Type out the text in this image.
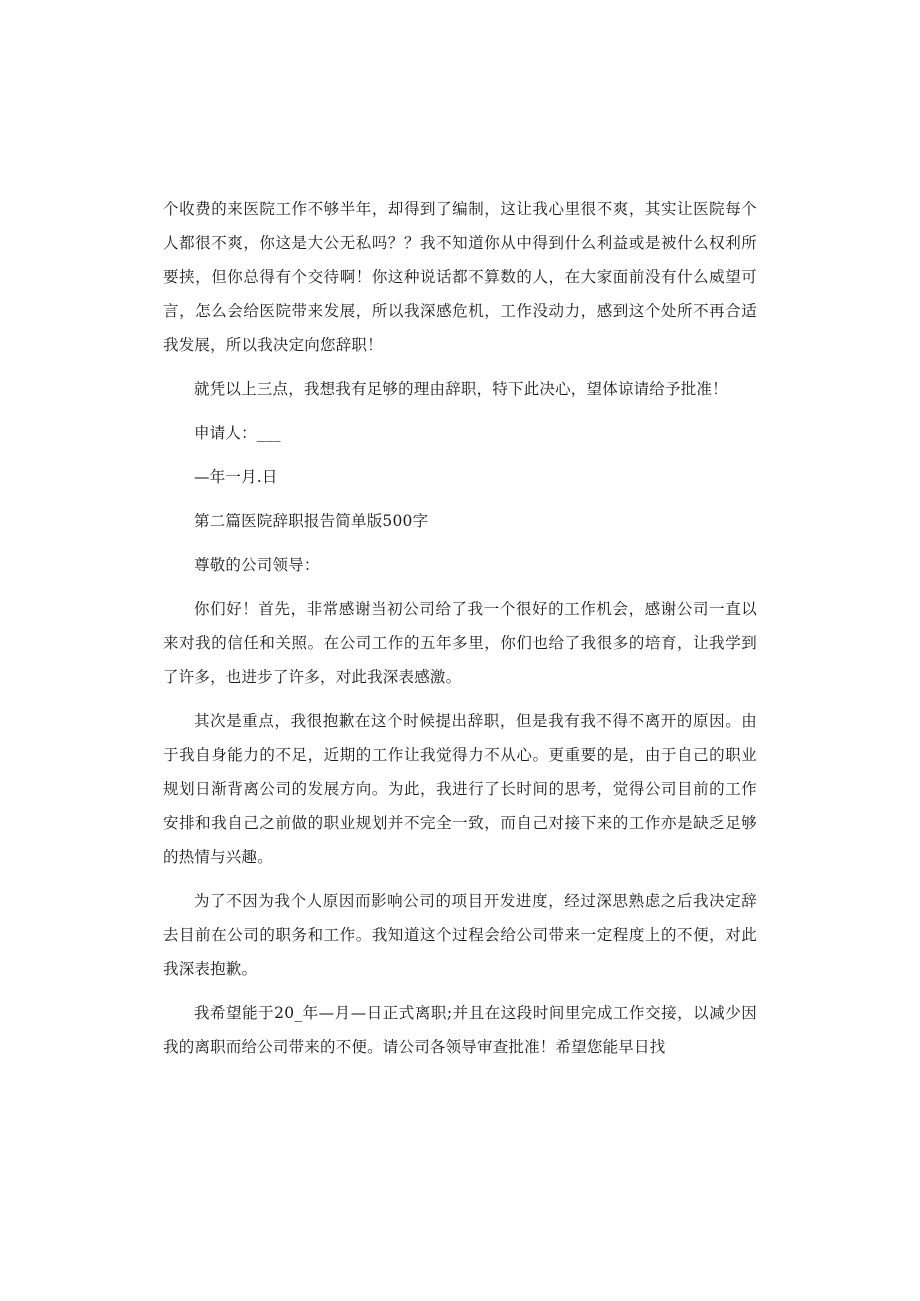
个收费的来医院工作不够半年，却得到了编制，这让我心里很不爽，其实让医院每个人都很不爽，你这是大公无私吗？？我不知道你从中得到什么利益或是被什么权利所要挟，但你总得有个交待啊！你这种说话都不算数的人，在大家面前没有什么威望可言，怎么会给医院带来发展，所以我深感危机，工作没动力，感到这个处所不再合适我发展，所以我决定向您辞职！

就凭以上三点，我想我有足够的理由辞职，特下此决心，望体谅请给予批准！

申请人：___

—年一月.日

第二篇医院辞职报告简单版500字

尊敬的公司领导：

你们好！首先，非常感谢当初公司给了我一个很好的工作机会，感谢公司一直以来对我的信任和关照。在公司工作的五年多里，你们也给了我很多的培育，让我学到了许多，也进步了许多，对此我深表感激。

其次是重点，我很抱歉在这个时候提出辞职，但是我有我不得不离开的原因。由于我自身能力的不足，近期的工作让我觉得力不从心。更重要的是，由于自己的职业规划日渐背离公司的发展方向。为此，我进行了长时间的思考，觉得公司目前的工作安排和我自己之前做的职业规划并不完全一致，而自己对接下来的工作亦是缺乏足够的热情与兴趣。

为了不因为我个人原因而影响公司的项目开发进度，经过深思熟虑之后我决定辞去目前在公司的职务和工作。我知道这个过程会给公司带来一定程度上的不便，对此我深表抱歉。

我希望能于20_年—月—日正式离职;并且在这段时间里完成工作交接，以减少因我的离职而给公司带来的不便。请公司各领导审查批准！希望您能早日找
